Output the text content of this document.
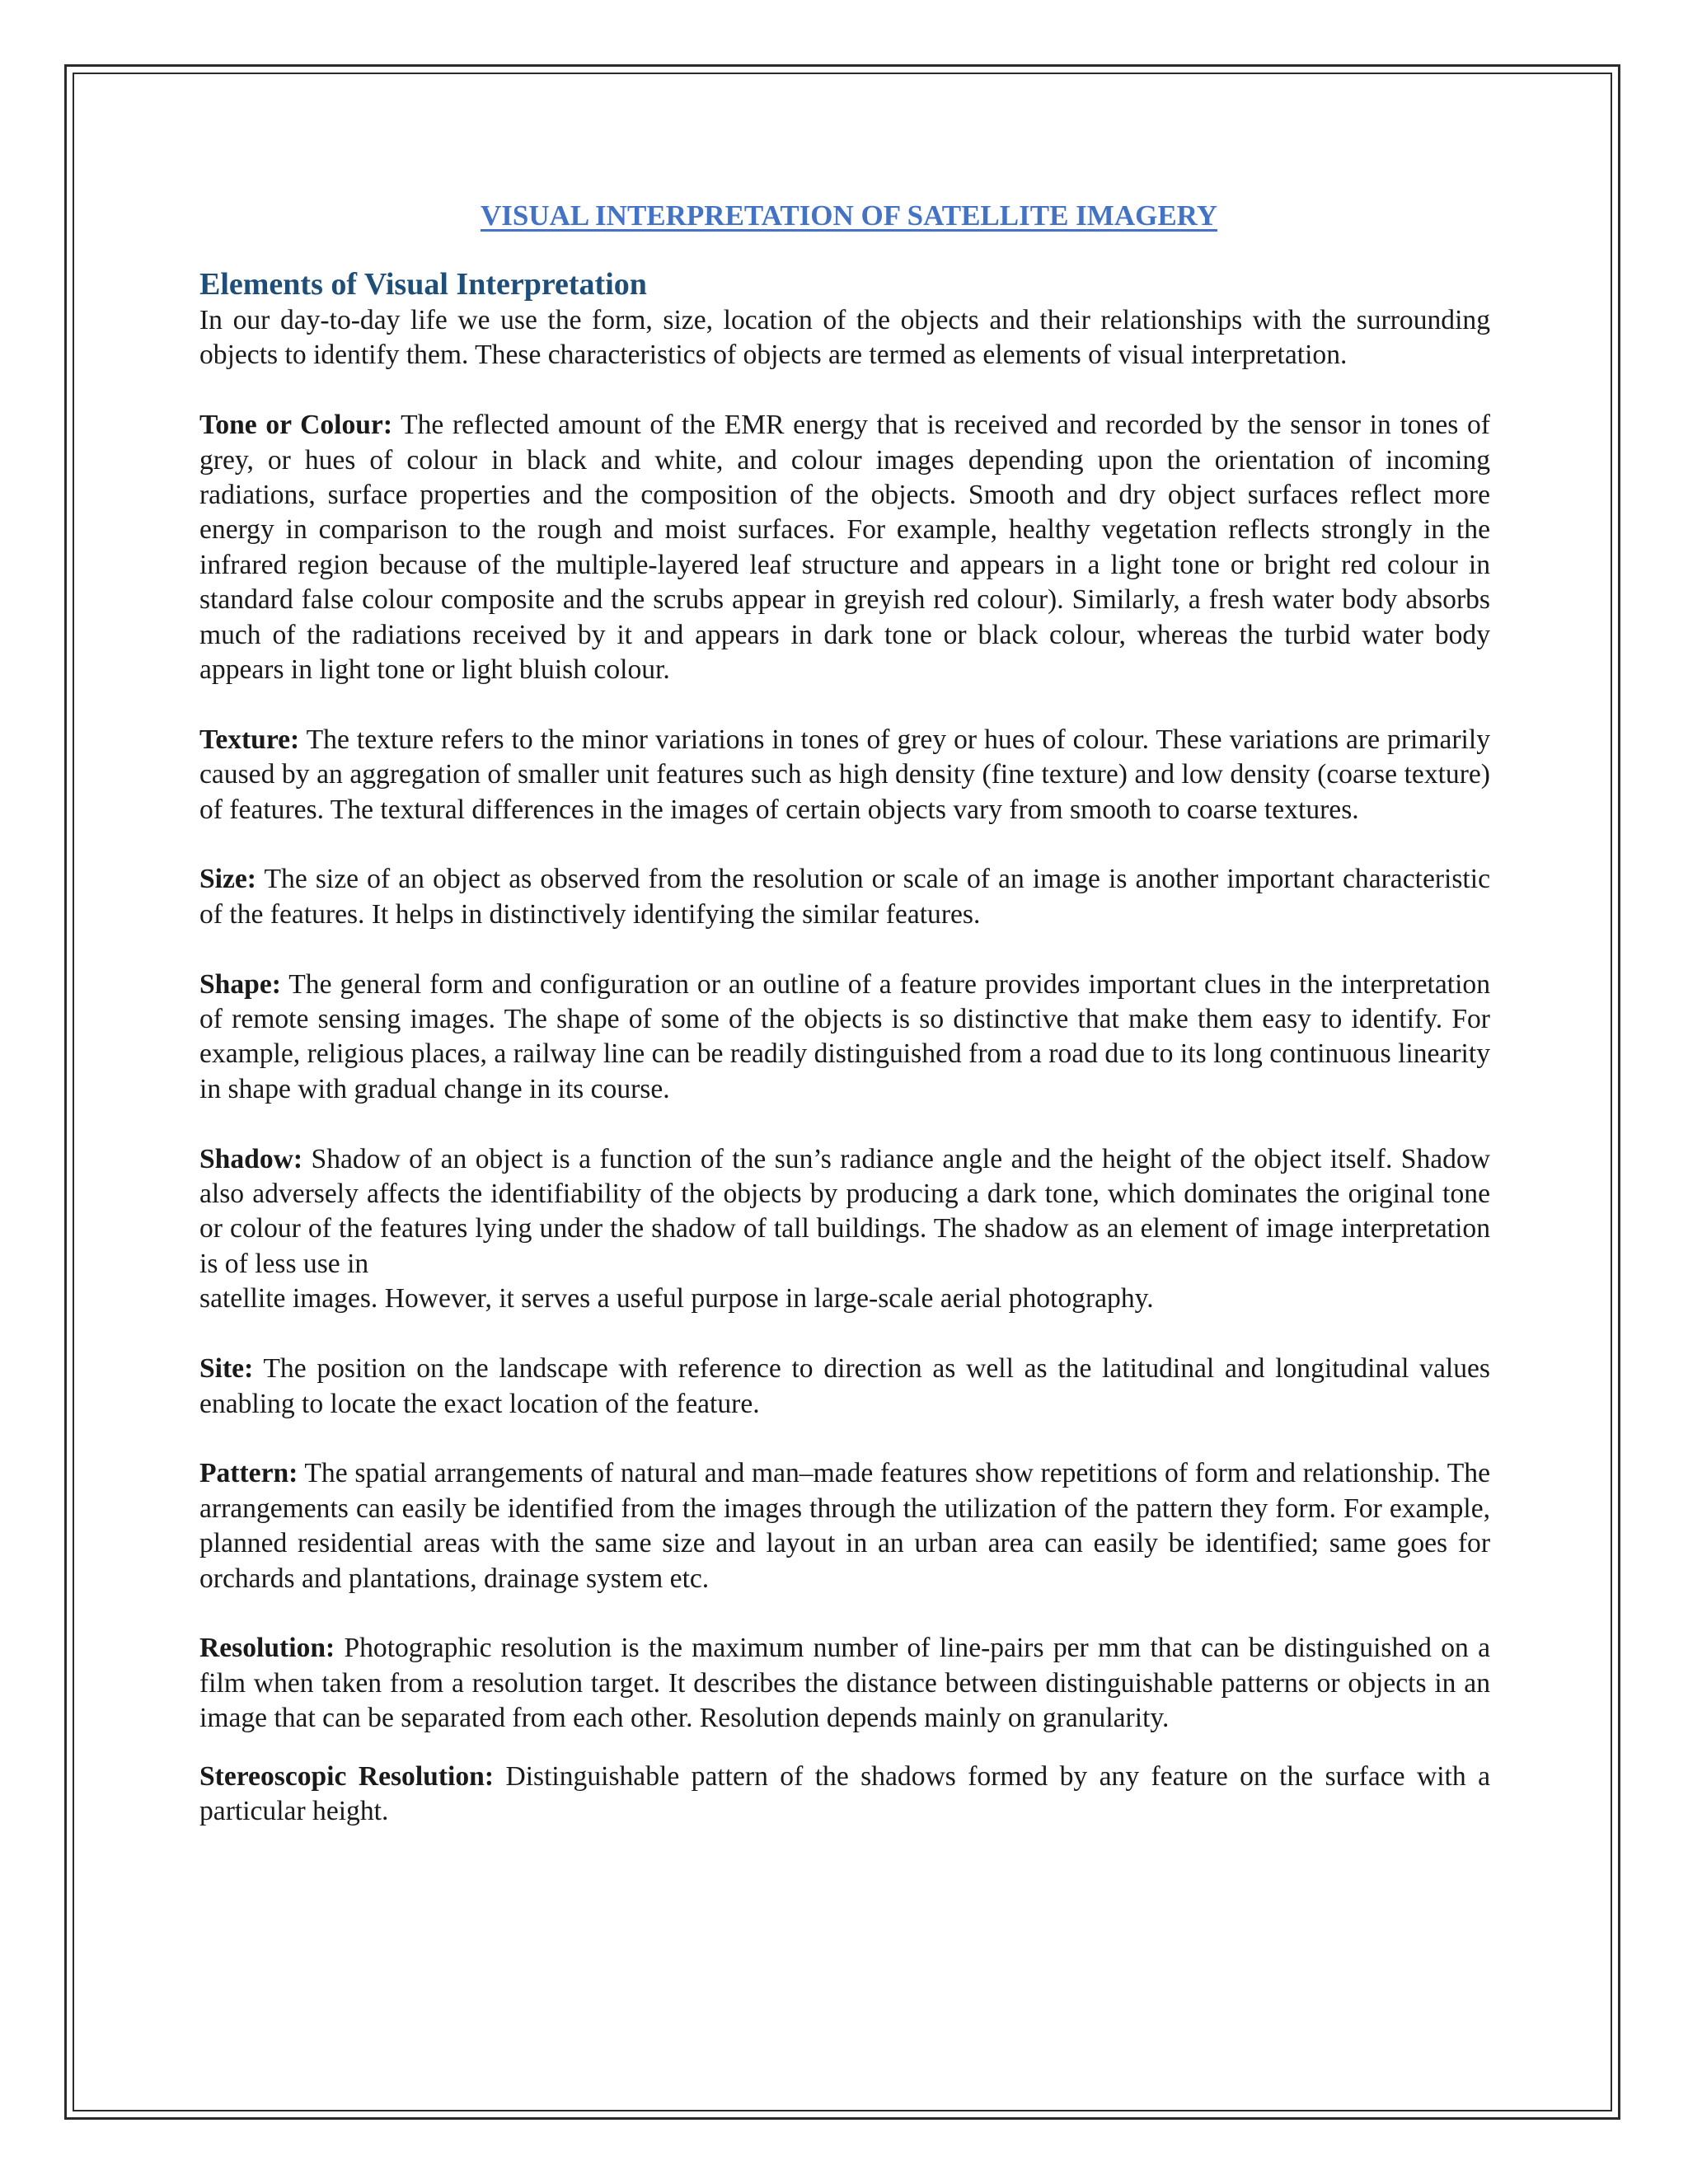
VISUAL INTERPRETATION OF SATELLITE IMAGERY
Elements of Visual Interpretation

In our day-to-day life we use the form, size, location of the objects and their relationships with the surrounding objects to identify them. These characteristics of objects are termed as elements of visual interpretation.

Tone or Colour: The reflected amount of the EMR energy that is received and recorded by the sensor in tones of grey, or hues of colour in black and white, and colour images depending upon the orientation of incoming radiations, surface properties and the composition of the objects. Smooth and dry object surfaces reflect more energy in comparison to the rough and moist surfaces. For example, healthy vegetation reflects strongly in the infrared region because of the multiple-layered leaf structure and appears in a light tone or bright red colour in standard false colour composite and the scrubs appear in greyish red colour). Similarly, a fresh water body absorbs much of the radiations received by it and appears in dark tone or black colour, whereas the turbid water body appears in light tone or light bluish colour.

Texture: The texture refers to the minor variations in tones of grey or hues of colour. These variations are primarily caused by an aggregation of smaller unit features such as high density (fine texture) and low density (coarse texture) of features. The textural differences in the images of certain objects vary from smooth to coarse textures.

Size: The size of an object as observed from the resolution or scale of an image is another important characteristic of the features. It helps in distinctively identifying the similar features.

Shape: The general form and configuration or an outline of a feature provides important clues in the interpretation of remote sensing images. The shape of some of the objects is so distinctive that make them easy to identify. For example, religious places, a railway line can be readily distinguished from a road due to its long continuous linearity in shape with gradual change in its course.

Shadow: Shadow of an object is a function of the sun’s radiance angle and the height of the object itself. Shadow also adversely affects the identifiability of the objects by producing a dark tone, which dominates the original tone or colour of the features lying under the shadow of tall buildings. The shadow as an element of image interpretation is of less use in
satellite images. However, it serves a useful purpose in large-scale aerial photography.

Site: The position on the landscape with reference to direction as well as the latitudinal and longitudinal values enabling to locate the exact location of the feature.

Pattern: The spatial arrangements of natural and man–made features show repetitions of form and relationship. The arrangements can easily be identified from the images through the utilization of the pattern they form. For example, planned residential areas with the same size and layout in an urban area can easily be identified; same goes for orchards and plantations, drainage system etc.

Resolution: Photographic resolution is the maximum number of line-pairs per mm that can be distinguished on a film when taken from a resolution target. It describes the distance between distinguishable patterns or objects in an image that can be separated from each other. Resolution depends mainly on granularity.

Stereoscopic Resolution: Distinguishable pattern of the shadows formed by any feature on the surface with a particular height.
